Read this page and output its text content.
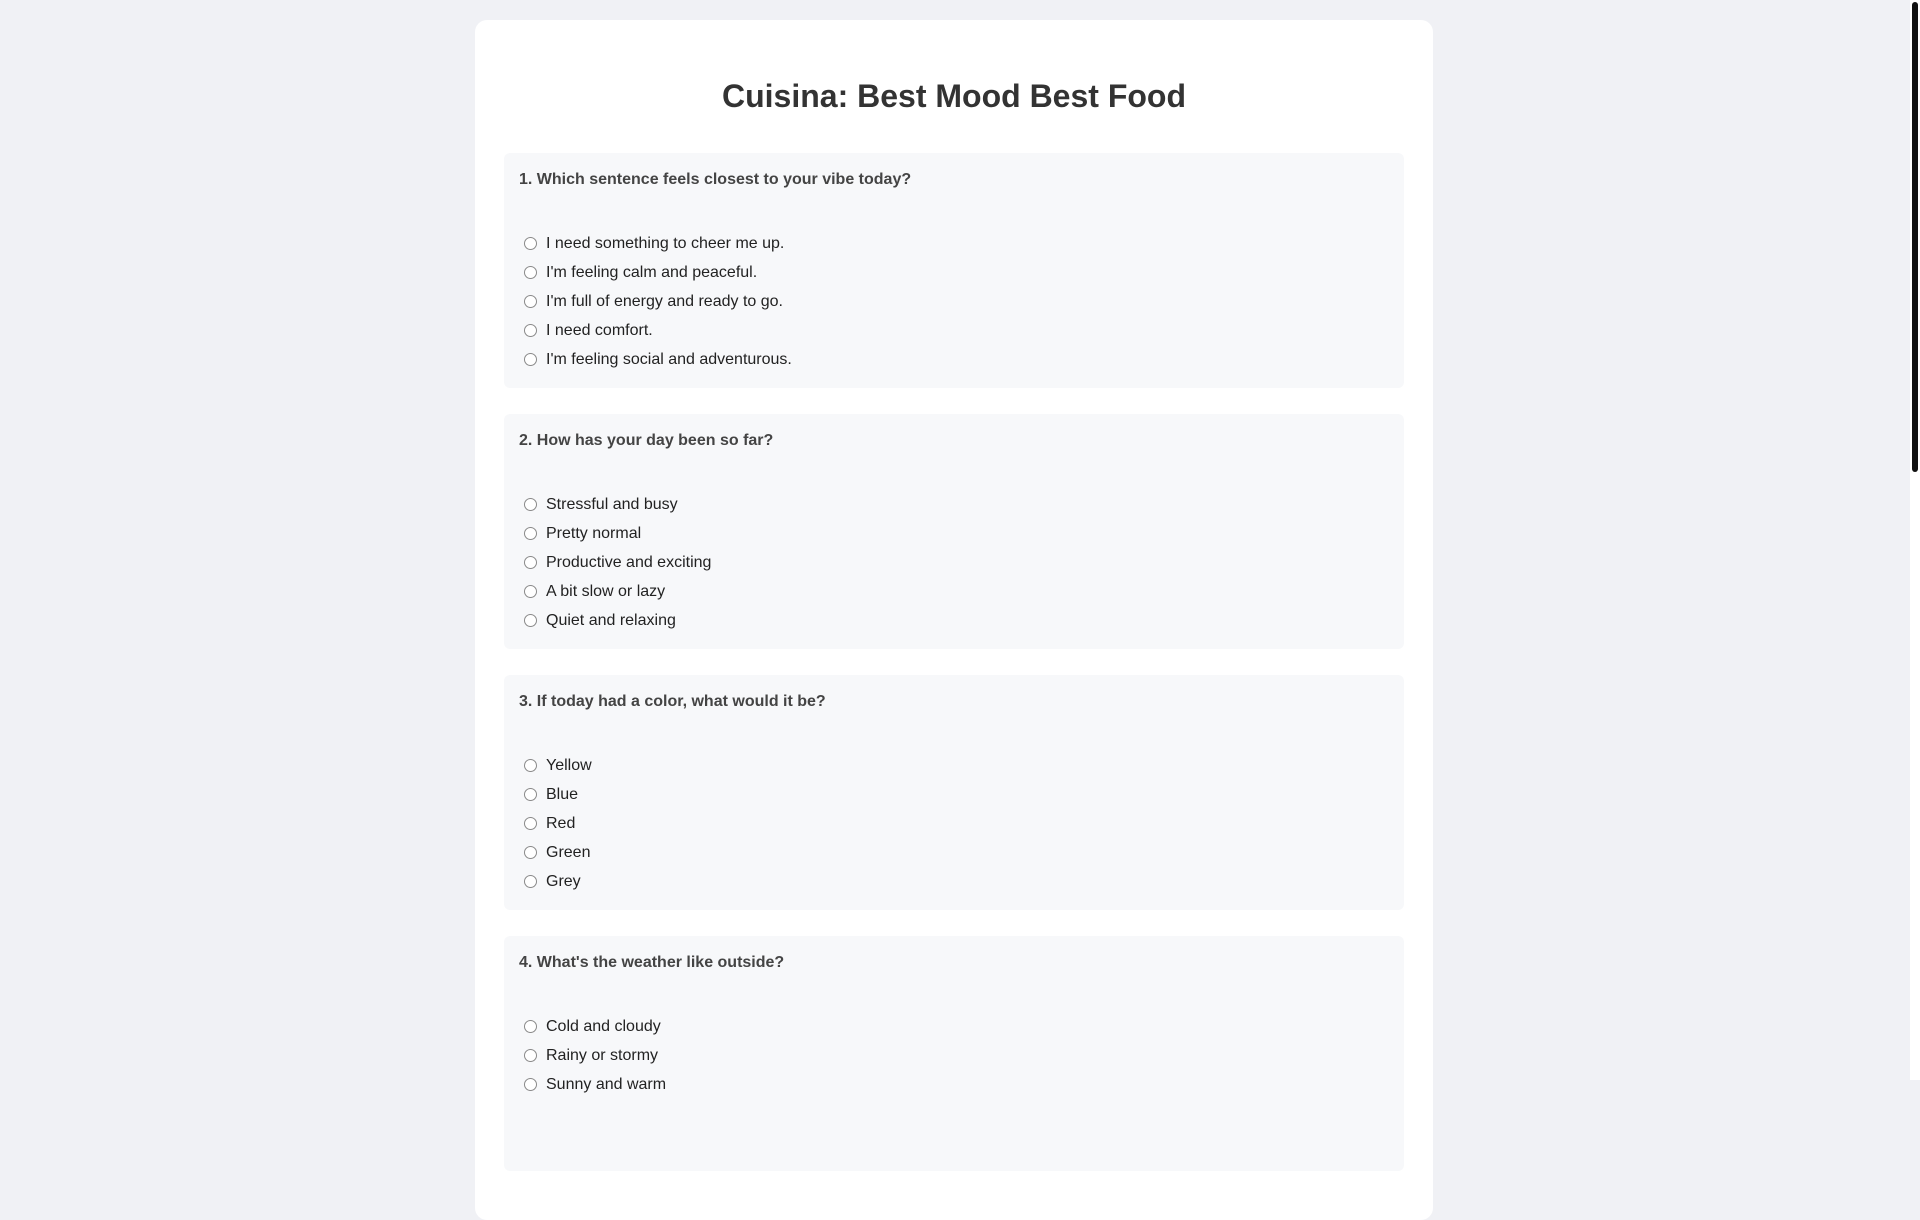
Cuisina: Best Mood Best Food

1. Which sentence feels closest to your vibe today?

I need something to cheer me up.
I'm feeling calm and peaceful.
I'm full of energy and ready to go.
I need comfort.
I'm feeling social and adventurous.

2. How has your day been so far?

Stressful and busy
Pretty normal
Productive and exciting
A bit slow or lazy
Quiet and relaxing

3. If today had a color, what would it be?

Yellow
Blue
Red
Green
Grey

4. What's the weather like outside?

Cold and cloudy
Rainy or stormy
Sunny and warm
